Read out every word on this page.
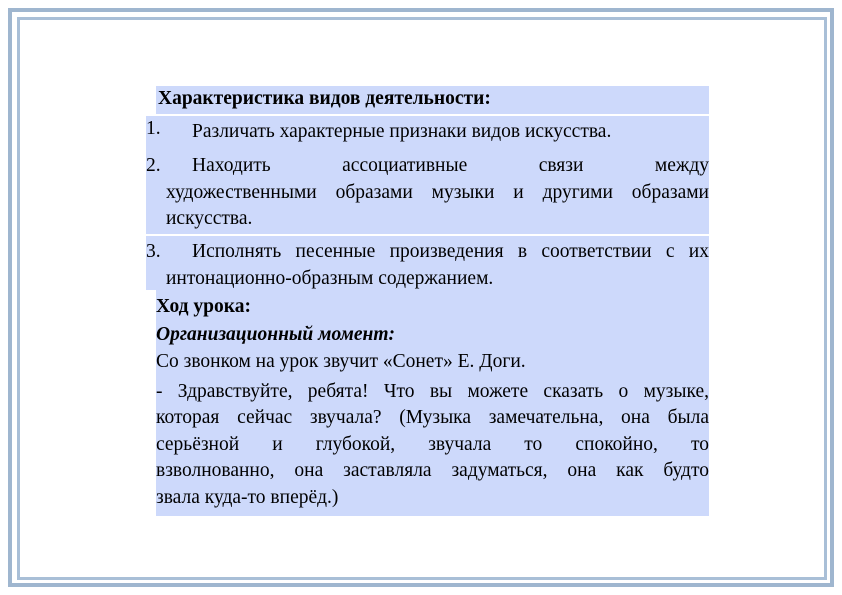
Характеристика видов деятельности:
1.	Различать характерные признаки видов искусства.
2.	Находить ассоциативные связи между
художественными образами музыки и другими образами
искусства.
3.	Исполнять песенные произведения в соответствии с их
интонационно-образным содержанием.

Ход урока:

Организационный момент:

Со звонком на урок звучит «Сонет» Е. Доги.

- Здравствуйте, ребята! Что вы можете сказать о музыке,

которая сейчас звучала? (Музыка замечательна, она была

серьёзной и глубокой, звучала то спокойно, то

взволнованно, она заставляла задуматься, она как будто

звала куда-то вперёд.)
